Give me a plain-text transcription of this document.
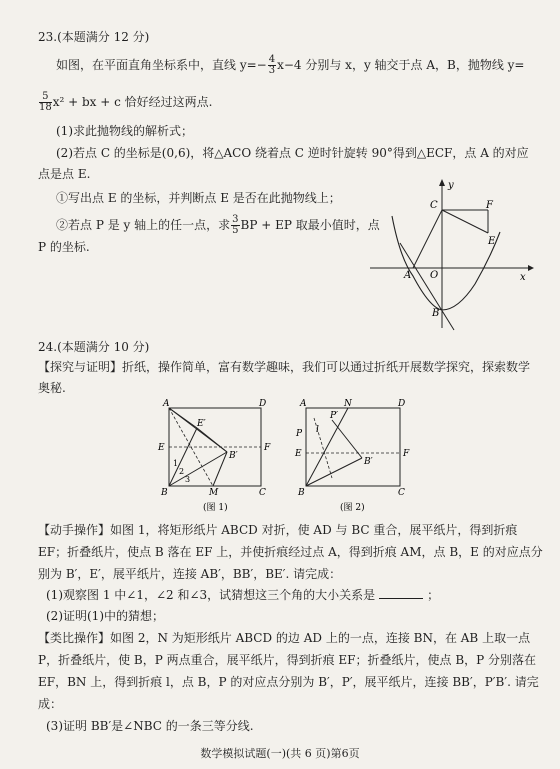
23.(本题满分 12 分)
如图，在平面直角坐标系中，直线 $y=- \frac{4}{3} x-4$ 分别与 x，y 轴交于点 A，B，抛物线 y=
$\frac{5}{18} x^2$ + bx + c 恰好经过这两点.
(1)求此抛物线的解析式；
(2)若点 C 的坐标是(0,6)，将△ACO 绕着点 C 逆时针旋转 90°得到△ECF，点 A 的对应
点是点 E.
①写出点 E 的坐标，并判断点 E 是否在此抛物线上；
②若点 P 是 y 轴上的任一点，求 $\frac{3}{5}$ BP + EP 取最小值时，点
P 的坐标.
C	F
E
A O
B
x
y
24.(本题满分 10 分)
【探究与证明】折纸，操作简单，富有数学趣味，我们可以通过折纸开展数学探究，探索数学
奥秘.
A	D
E	F
B	C
M
E′
B′
1
2
3
(图 1)
A	N	D
P
P′
l
E	F
B	C
B′
(图 2)
【动手操作】如图 1，将矩形纸片 ABCD 对折，使 AD 与 BC 重合，展平纸片，得到折痕
EF；折叠纸片，使点 B 落在 EF 上，并使折痕经过点 A，得到折痕 AM，点 B，E 的对应点分
别为 B′，E′，展平纸片，连接 AB′，BB′，BE′. 请完成：
(1)观察图 1 中∠1，∠2 和∠3，试猜想这三个角的大小关系是	；
(2)证明(1)中的猜想；
【类比操作】如图 2，N 为矩形纸片 ABCD 的边 AD 上的一点，连接 BN，在 AB 上取一点
P，折叠纸片，使 B，P 两点重合，展平纸片，得到折痕 EF；折叠纸片，使点 B，P 分别落在
EF，BN 上，得到折痕 l，点 B，P 的对应点分别为 B′，P′，展平纸片，连接 BB′，P′B′. 请完
成：
(3)证明 BB′是∠NBC 的一条三等分线.
数学模拟试题(一)(共 6 页)第6页
